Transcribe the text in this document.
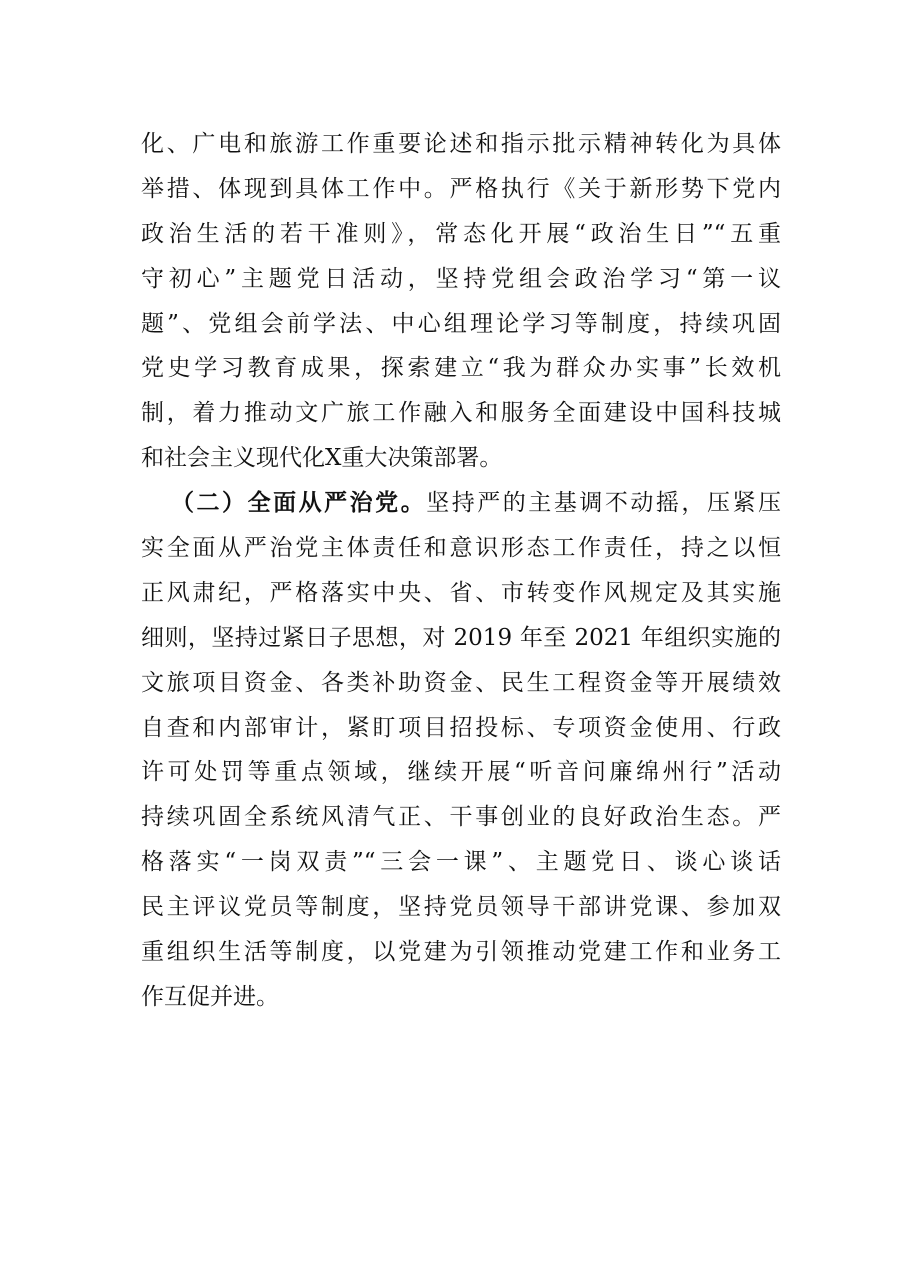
化、广电和旅游工作重要论述和指示批示精神转化为具体
举措、体现到具体工作中。严格执行《关于新形势下党内
政治生活的若干准则》，常态化开展“政治生日”“五重
守初心”主题党日活动，坚持党组会政治学习“第一议
题”、党组会前学法、中心组理论学习等制度，持续巩固
党史学习教育成果，探索建立“我为群众办实事”长效机
制，着力推动文广旅工作融入和服务全面建设中国科技城
和社会主义现代化X重大决策部署。
（二）全面从严治党。坚持严的主基调不动摇，压紧压
实全面从严治党主体责任和意识形态工作责任，持之以恒
正风肃纪，严格落实中央、省、市转变作风规定及其实施
细则，坚持过紧日子思想，对 2019 年至 2021 年组织实施的
文旅项目资金、各类补助资金、民生工程资金等开展绩效
自查和内部审计，紧盯项目招投标、专项资金使用、行政
许可处罚等重点领域，继续开展“听音问廉绵州行”活动
持续巩固全系统风清气正、干事创业的良好政治生态。严
格落实“一岗双责”“三会一课”、主题党日、谈心谈话
民主评议党员等制度，坚持党员领导干部讲党课、参加双
重组织生活等制度，以党建为引领推动党建工作和业务工
作互促并进。
